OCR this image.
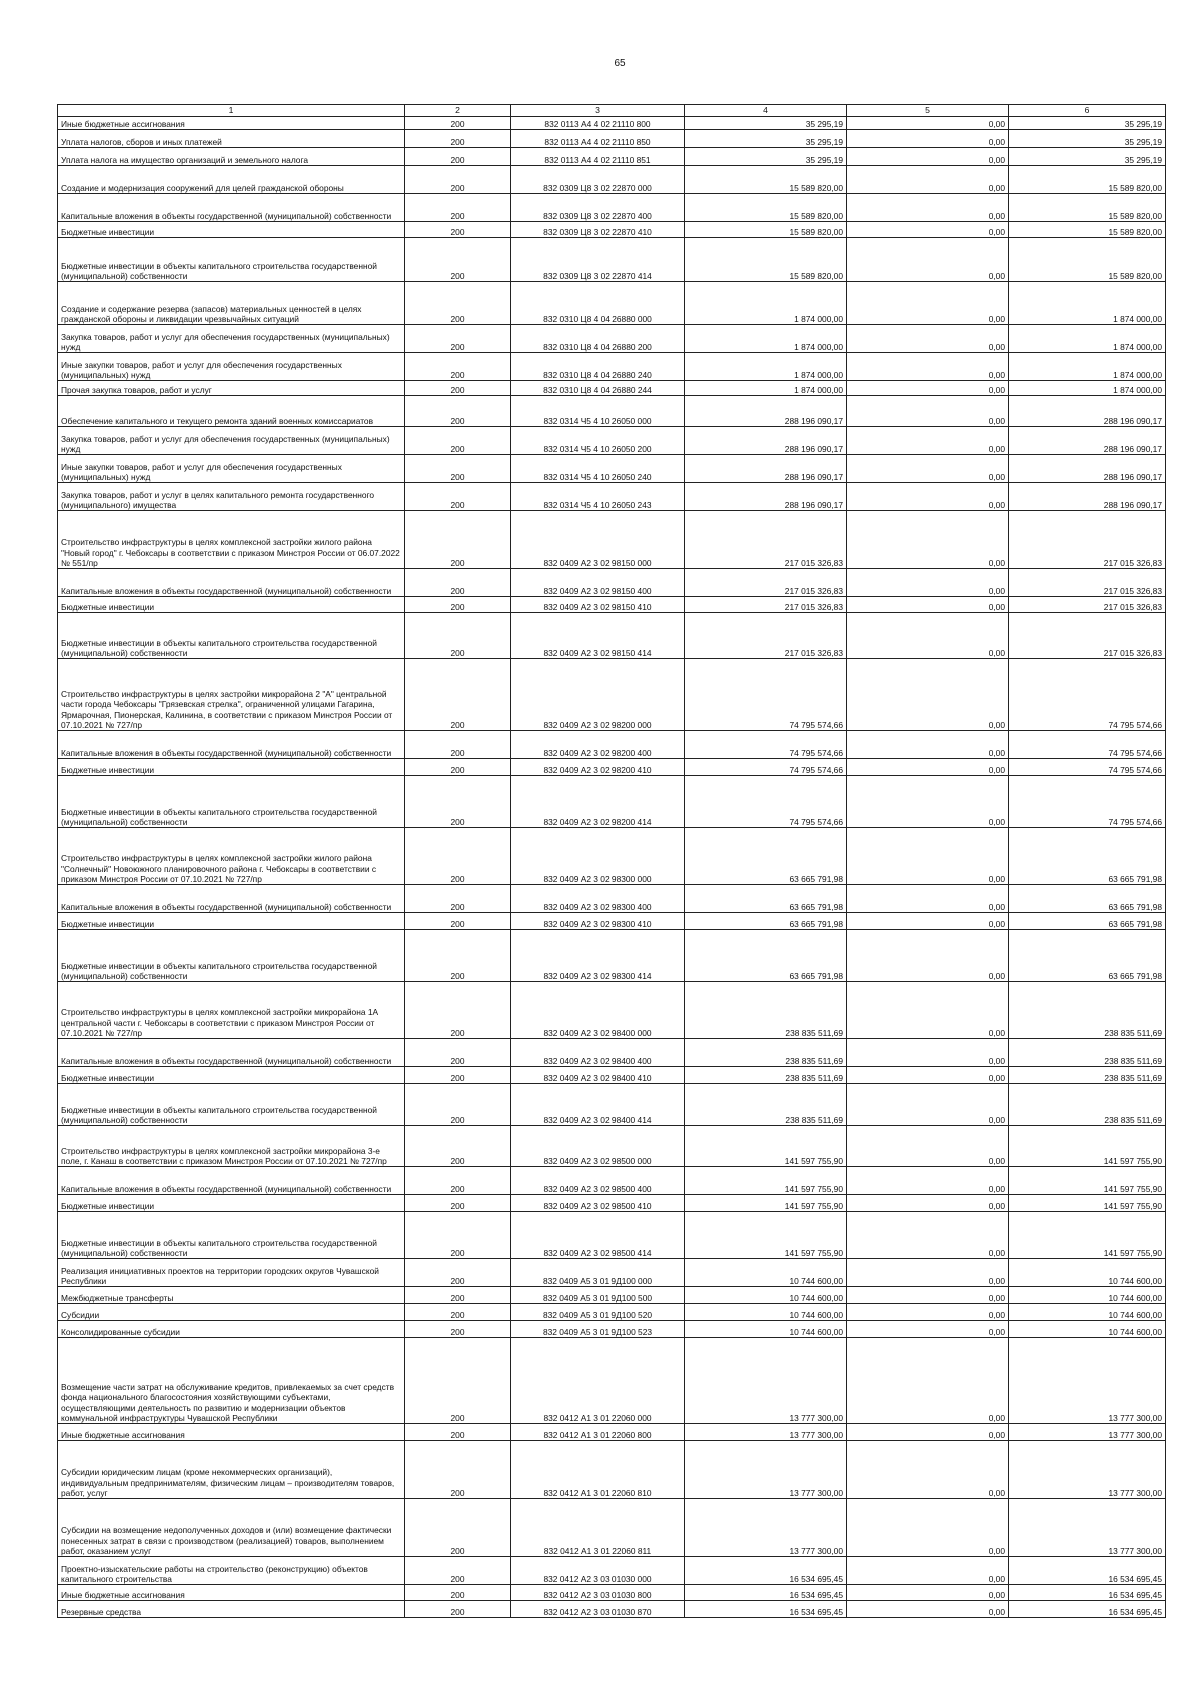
65
1	2	3	4	5	6
Иные бюджетные ассигнования	200	832 0113 А4 4 02 21110 800	35 295,19	0,00	35 295,19
Уплата налогов, сборов и иных платежей	200	832 0113 А4 4 02 21110 850	35 295,19	0,00	35 295,19
Уплата налога на имущество организаций и земельного налога	200	832 0113 А4 4 02 21110 851	35 295,19	0,00	35 295,19
Создание и модернизация сооружений для целей гражданской обороны	200	832 0309 Ц8 3 02 22870 000	15 589 820,00	0,00	15 589 820,00
Капитальные вложения в объекты государственной (муниципальной) собственности	200	832 0309 Ц8 3 02 22870 400	15 589 820,00	0,00	15 589 820,00
Бюджетные инвестиции	200	832 0309 Ц8 3 02 22870 410	15 589 820,00	0,00	15 589 820,00
Бюджетные инвестиции в объекты капитального строительства государственной (муниципальной) собственности	200	832 0309 Ц8 3 02 22870 414	15 589 820,00	0,00	15 589 820,00
Создание и содержание резерва (запасов) материальных ценностей в целях гражданской обороны и ликвидации чрезвычайных ситуаций	200	832 0310 Ц8 4 04 26880 000	1 874 000,00	0,00	1 874 000,00
Закупка товаров, работ и услуг для обеспечения государственных (муниципальных) нужд	200	832 0310 Ц8 4 04 26880 200	1 874 000,00	0,00	1 874 000,00
Иные закупки товаров, работ и услуг для обеспечения государственных (муниципальных) нужд	200	832 0310 Ц8 4 04 26880 240	1 874 000,00	0,00	1 874 000,00
Прочая закупка товаров, работ и услуг	200	832 0310 Ц8 4 04 26880 244	1 874 000,00	0,00	1 874 000,00
Обеспечение капитального и текущего ремонта зданий военных комиссариатов	200	832 0314 Ч5 4 10 26050 000	288 196 090,17	0,00	288 196 090,17
Закупка товаров, работ и услуг для обеспечения государственных (муниципальных) нужд	200	832 0314 Ч5 4 10 26050 200	288 196 090,17	0,00	288 196 090,17
Иные закупки товаров, работ и услуг для обеспечения государственных (муниципальных) нужд	200	832 0314 Ч5 4 10 26050 240	288 196 090,17	0,00	288 196 090,17
Закупка товаров, работ и услуг в целях капитального ремонта государственного (муниципального) имущества	200	832 0314 Ч5 4 10 26050 243	288 196 090,17	0,00	288 196 090,17
Строительство инфраструктуры в целях комплексной застройки жилого района "Новый город" г. Чебоксары в соответствии с приказом Минстроя России от 06.07.2022 № 551/пр	200	832 0409 А2 3 02 98150 000	217 015 326,83	0,00	217 015 326,83
Капитальные вложения в объекты государственной (муниципальной) собственности	200	832 0409 А2 3 02 98150 400	217 015 326,83	0,00	217 015 326,83
Бюджетные инвестиции	200	832 0409 А2 3 02 98150 410	217 015 326,83	0,00	217 015 326,83
Бюджетные инвестиции в объекты капитального строительства государственной (муниципальной) собственности	200	832 0409 А2 3 02 98150 414	217 015 326,83	0,00	217 015 326,83
Строительство инфраструктуры в целях застройки микрорайона 2 "А" центральной части города Чебоксары "Грязевская стрелка", ограниченной улицами Гагарина, Ярмарочная, Пионерская, Калинина, в соответствии с приказом Минстроя России от 07.10.2021 № 727/пр	200	832 0409 А2 3 02 98200 000	74 795 574,66	0,00	74 795 574,66
Капитальные вложения в объекты государственной (муниципальной) собственности	200	832 0409 А2 3 02 98200 400	74 795 574,66	0,00	74 795 574,66
Бюджетные инвестиции	200	832 0409 А2 3 02 98200 410	74 795 574,66	0,00	74 795 574,66
Бюджетные инвестиции в объекты капитального строительства государственной (муниципальной) собственности	200	832 0409 А2 3 02 98200 414	74 795 574,66	0,00	74 795 574,66
Строительство инфраструктуры в целях комплексной застройки жилого района "Солнечный" Новоюжного планировочного района г. Чебоксары в соответствии с приказом Минстроя России от 07.10.2021 № 727/пр	200	832 0409 А2 3 02 98300 000	63 665 791,98	0,00	63 665 791,98
Капитальные вложения в объекты государственной (муниципальной) собственности	200	832 0409 А2 3 02 98300 400	63 665 791,98	0,00	63 665 791,98
Бюджетные инвестиции	200	832 0409 А2 3 02 98300 410	63 665 791,98	0,00	63 665 791,98
Бюджетные инвестиции в объекты капитального строительства государственной (муниципальной) собственности	200	832 0409 А2 3 02 98300 414	63 665 791,98	0,00	63 665 791,98
Строительство инфраструктуры в целях комплексной застройки микрорайона 1А центральной части г. Чебоксары в соответствии с приказом Минстроя России от 07.10.2021 № 727/пр	200	832 0409 А2 3 02 98400 000	238 835 511,69	0,00	238 835 511,69
Капитальные вложения в объекты государственной (муниципальной) собственности	200	832 0409 А2 3 02 98400 400	238 835 511,69	0,00	238 835 511,69
Бюджетные инвестиции	200	832 0409 А2 3 02 98400 410	238 835 511,69	0,00	238 835 511,69
Бюджетные инвестиции в объекты капитального строительства государственной (муниципальной) собственности	200	832 0409 А2 3 02 98400 414	238 835 511,69	0,00	238 835 511,69
Строительство инфраструктуры в целях комплексной застройки микрорайона 3-е поле, г. Канаш в соответствии с приказом Минстроя России от 07.10.2021 № 727/пр	200	832 0409 А2 3 02 98500 000	141 597 755,90	0,00	141 597 755,90
Капитальные вложения в объекты государственной (муниципальной) собственности	200	832 0409 А2 3 02 98500 400	141 597 755,90	0,00	141 597 755,90
Бюджетные инвестиции	200	832 0409 А2 3 02 98500 410	141 597 755,90	0,00	141 597 755,90
Бюджетные инвестиции в объекты капитального строительства государственной (муниципальной) собственности	200	832 0409 А2 3 02 98500 414	141 597 755,90	0,00	141 597 755,90
Реализация инициативных проектов на территории городских округов Чувашской Республики	200	832 0409 А5 3 01 9Д100 000	10 744 600,00	0,00	10 744 600,00
Межбюджетные трансферты	200	832 0409 А5 3 01 9Д100 500	10 744 600,00	0,00	10 744 600,00
Субсидии	200	832 0409 А5 3 01 9Д100 520	10 744 600,00	0,00	10 744 600,00
Консолидированные субсидии	200	832 0409 А5 3 01 9Д100 523	10 744 600,00	0,00	10 744 600,00
Возмещение части затрат на обслуживание кредитов, привлекаемых за счет средств фонда национального благосостояния хозяйствующими субъектами, осуществляющими деятельность по развитию и модернизации объектов коммунальной инфраструктуры Чувашской Республики	200	832 0412 А1 3 01 22060 000	13 777 300,00	0,00	13 777 300,00
Иные бюджетные ассигнования	200	832 0412 А1 3 01 22060 800	13 777 300,00	0,00	13 777 300,00
Субсидии юридическим лицам (кроме некоммерческих организаций), индивидуальным предпринимателям, физическим лицам – производителям товаров, работ, услуг	200	832 0412 А1 3 01 22060 810	13 777 300,00	0,00	13 777 300,00
Субсидии на возмещение недополученных доходов и (или) возмещение фактически понесенных затрат в связи с производством (реализацией) товаров, выполнением работ, оказанием услуг	200	832 0412 А1 3 01 22060 811	13 777 300,00	0,00	13 777 300,00
Проектно-изыскательские работы на строительство (реконструкцию) объектов капитального строительства	200	832 0412 А2 3 03 01030 000	16 534 695,45	0,00	16 534 695,45
Иные бюджетные ассигнования	200	832 0412 А2 3 03 01030 800	16 534 695,45	0,00	16 534 695,45
Резервные средства	200	832 0412 А2 3 03 01030 870	16 534 695,45	0,00	16 534 695,45
